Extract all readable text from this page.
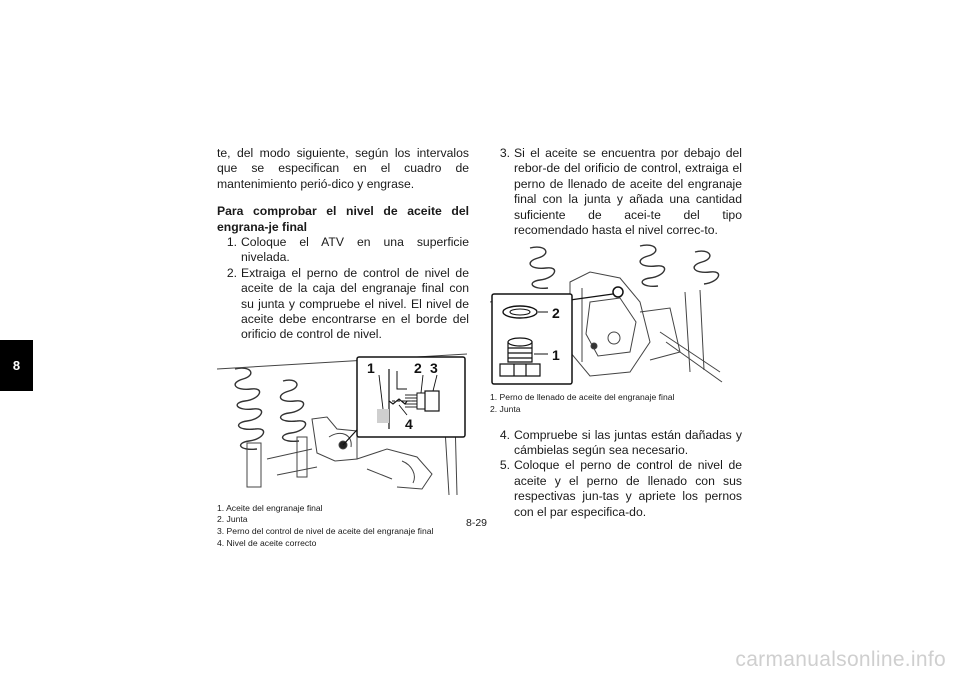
8

te, del modo siguiente, según los intervalos que se especifican en el cuadro de mantenimiento perió-dico y engrase.

Para comprobar el nivel de aceite del engrana-je final

1. Coloque el ATV en una superficie nivelada.
2. Extraiga el perno de control de nivel de aceite de la caja del engranaje final con su junta y compruebe el nivel. El nivel de aceite debe encontrarse en el borde del orificio de control de nivel.
1	2 3
4
1. Aceite del engranaje final
2. Junta
3. Perno del control de nivel de aceite del engranaje final
4. Nivel de aceite correcto
3. Si el aceite se encuentra por debajo del rebor-de del orificio de control, extraiga el perno de llenado de aceite del engranaje final con la junta y añada una cantidad suficiente de acei-te del tipo recomendado hasta el nivel correc-to.
2
1
1. Perno de llenado de aceite del engranaje final
2. Junta
4. Compruebe si las juntas están dañadas y cámbielas según sea necesario.
5. Coloque el perno de control de nivel de aceite y el perno de llenado con sus respectivas jun-tas y apriete los pernos con el par especifica-do.
8-29
carmanualsonline.info
